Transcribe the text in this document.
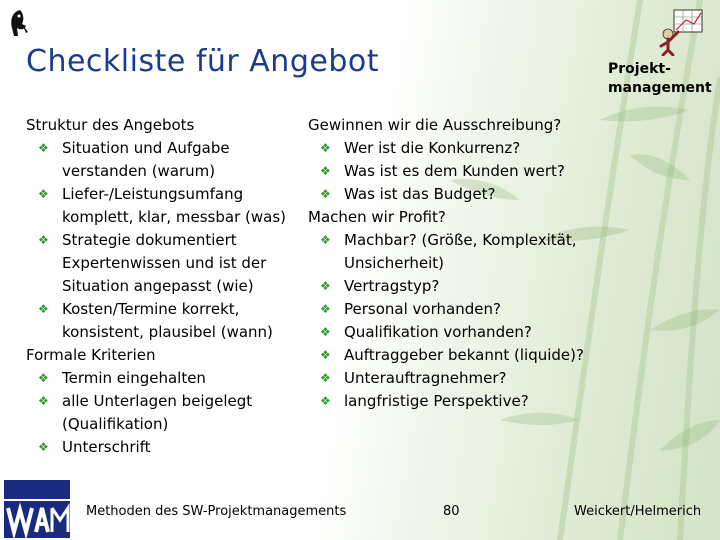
Checkliste für Angebot	Projekt-
management
Struktur des Angebots
❖ Situation und Aufgabe verstanden (warum)
❖ Liefer-/Leistungsumfang komplett, klar, messbar (was)
❖ Strategie dokumentiert Expertenwissen und ist der Situation angepasst (wie)
❖ Kosten/Termine korrekt, konsistent, plausibel (wann)
Formale Kriterien
❖ Termin eingehalten
❖ alle Unterlagen beigelegt (Qualifikation)
❖ Unterschrift
Gewinnen wir die Ausschreibung?
❖ Wer ist die Konkurrenz?
❖ Was ist es dem Kunden wert?
❖ Was ist das Budget?
Machen wir Profit?
❖ Machbar? (Größe, Komplexität, Unsicherheit)
❖ Vertragstyp?
❖ Personal vorhanden?
❖ Qualifikation vorhanden?
❖ Auftraggeber bekannt (liquide)?
❖ Unterauftragnehmer?
❖ langfristige Perspektive?
Methoden des SW-Projektmanagements	80	Weickert/Helmerich
